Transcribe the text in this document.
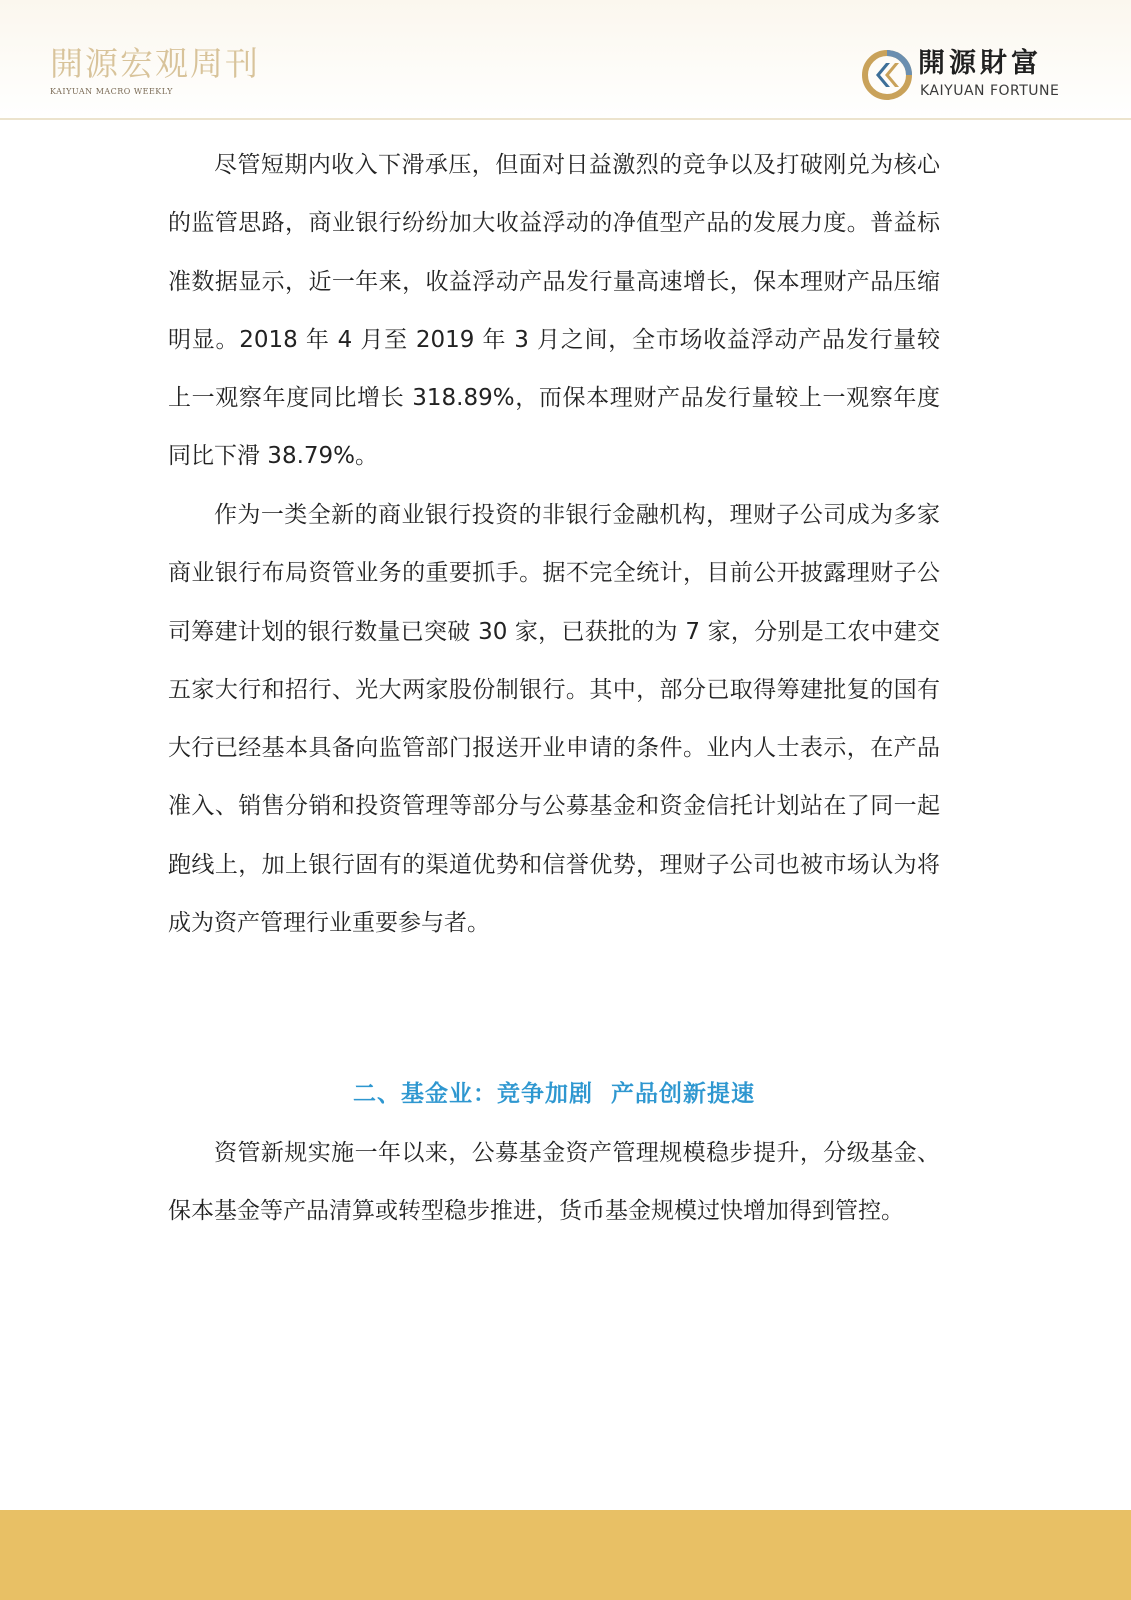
開源宏观周刊
KAIYUAN MACRO WEEKLY
開源財富
KAIYUAN FORTUNE

尽管短期内收入下滑承压，但面对日益激烈的竞争以及打破刚兑为核心的监管思路，商业银行纷纷加大收益浮动的净值型产品的发展力度。普益标准数据显示，近一年来，收益浮动产品发行量高速增长，保本理财产品压缩明显。2018 年 4 月至 2019 年 3 月之间，全市场收益浮动产品发行量较上一观察年度同比增长 318.89%，而保本理财产品发行量较上一观察年度同比下滑 38.79%。

作为一类全新的商业银行投资的非银行金融机构，理财子公司成为多家商业银行布局资管业务的重要抓手。据不完全统计，目前公开披露理财子公司筹建计划的银行数量已突破 30 家，已获批的为 7 家，分别是工农中建交五家大行和招行、光大两家股份制银行。其中，部分已取得筹建批复的国有大行已经基本具备向监管部门报送开业申请的条件。业内人士表示，在产品准入、销售分销和投资管理等部分与公募基金和资金信托计划站在了同一起跑线上，加上银行固有的渠道优势和信誉优势，理财子公司也被市场认为将成为资产管理行业重要参与者。

二、基金业：竞争加剧  产品创新提速

资管新规实施一年以来，公募基金资产管理规模稳步提升，分级基金、保本基金等产品清算或转型稳步推进，货币基金规模过快增加得到管控。
